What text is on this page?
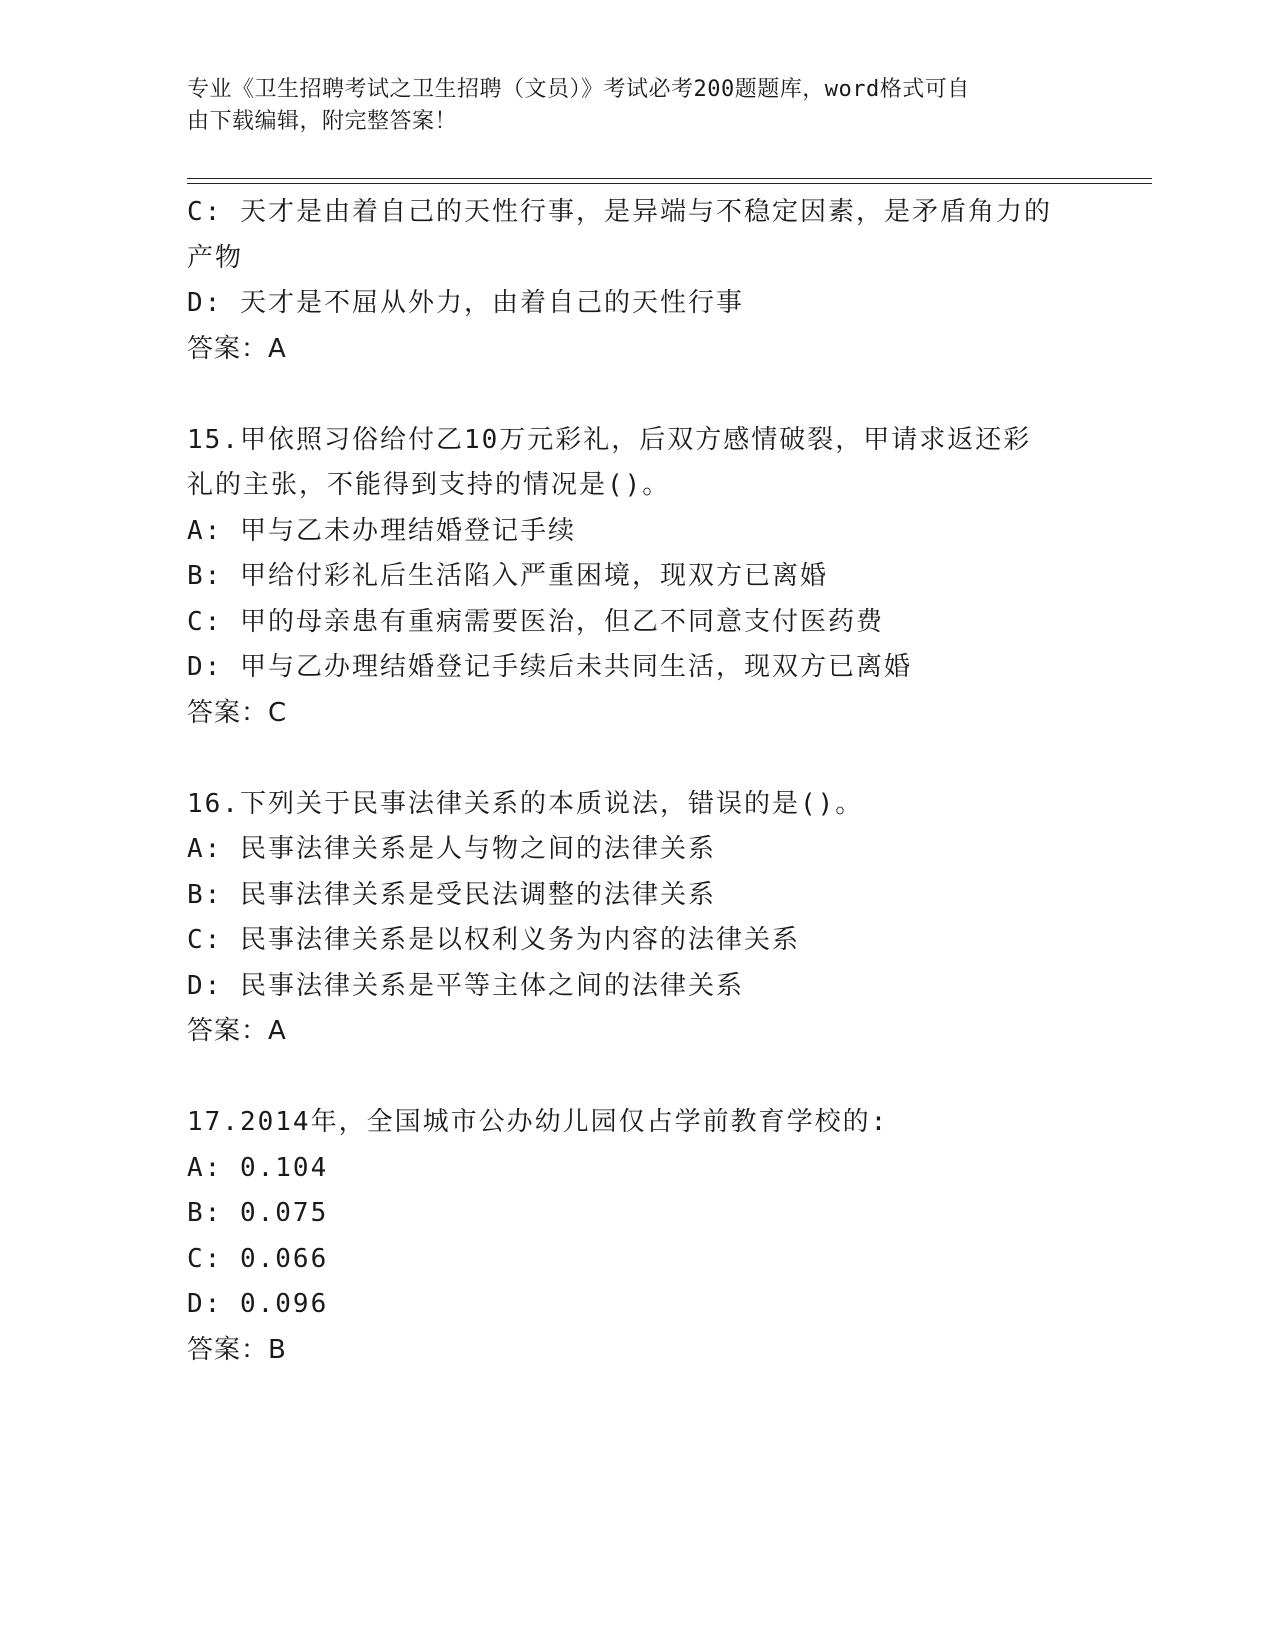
专业《卫生招聘考试之卫生招聘（文员）》考试必考200题题库，word格式可自
由下载编辑，附完整答案！
C: 天才是由着自己的天性行事，是异端与不稳定因素，是矛盾角力的
产物
D: 天才是不屈从外力，由着自己的天性行事
答案：A
15.甲依照习俗给付乙10万元彩礼，后双方感情破裂，甲请求返还彩
礼的主张，不能得到支持的情况是()。
A: 甲与乙未办理结婚登记手续
B: 甲给付彩礼后生活陷入严重困境，现双方已离婚
C: 甲的母亲患有重病需要医治，但乙不同意支付医药费
D: 甲与乙办理结婚登记手续后未共同生活，现双方已离婚
答案：C
16.下列关于民事法律关系的本质说法，错误的是()。
A: 民事法律关系是人与物之间的法律关系
B: 民事法律关系是受民法调整的法律关系
C: 民事法律关系是以权利义务为内容的法律关系
D: 民事法律关系是平等主体之间的法律关系
答案：A
17.2014年，全国城市公办幼儿园仅占学前教育学校的:
A: 0.104
B: 0.075
C: 0.066
D: 0.096
答案：B
